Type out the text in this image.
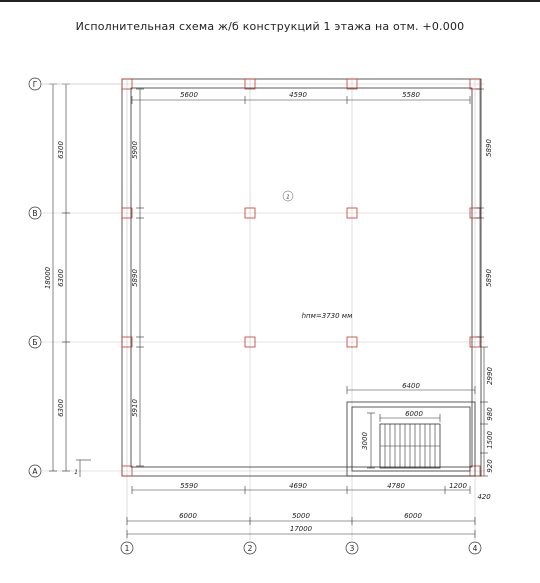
Исполнительная схема ж/б конструкций 1 этажа на отм. +0.000
5600	4590	5580
5900
5890
5910
5890
5890
2990
980
1500
920
6300
6300
6300
18000
5590	4690	4780	1200
420
6000	5000	6000
17000
6400
6000
3000
1
hпм=3730 мм
1
Г
В
Б
А
1	2	3	4
